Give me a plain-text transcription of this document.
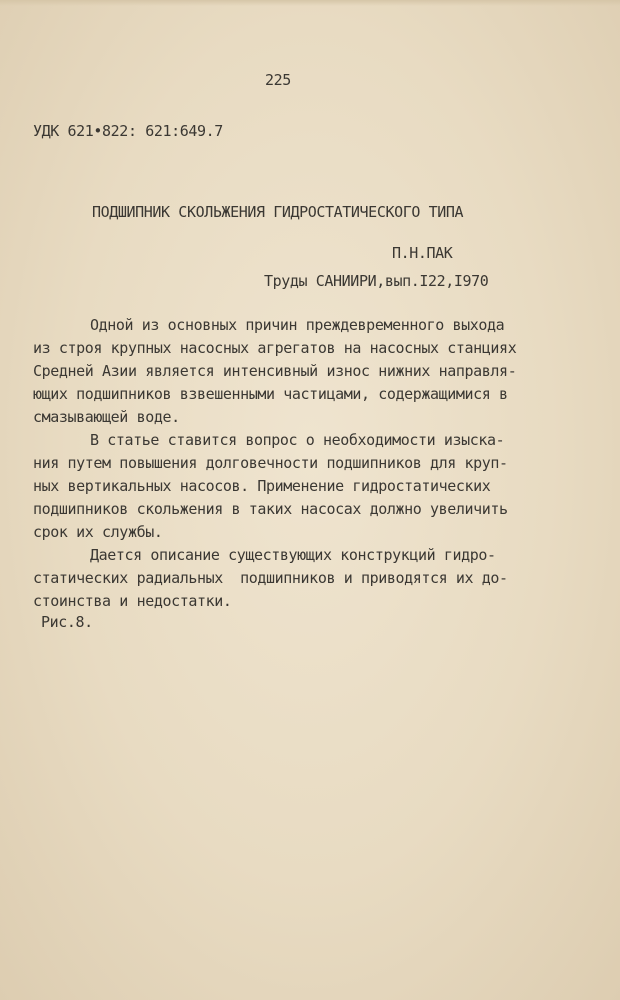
225
УДК 621•822: 621:649.7
ПОДШИПНИК СКОЛЬЖЕНИЯ ГИДРОСТАТИЧЕСКОГО ТИПА
П.Н.ПАК
Труды САНИИРИ,вып.I22,I970
Одной из основных причин преждевременного выхода
из строя крупных насосных агрегатов на насосных станциях
Средней Азии является интенсивный износ нижних направля-
ющих подшипников взвешенными частицами, содержащимися в
смазывающей воде.
В статье ставится вопрос о необходимости изыска-
ния путем повышения долговечности подшипников для круп-
ных вертикальных насосов. Применение гидростатических
подшипников скольжения в таких насосах должно увеличить
срок их службы.
Дается описание существующих конструкций гидро-
статических радиальных  подшипников и приводятся их до-
стоинства и недостатки.
Рис.8.
